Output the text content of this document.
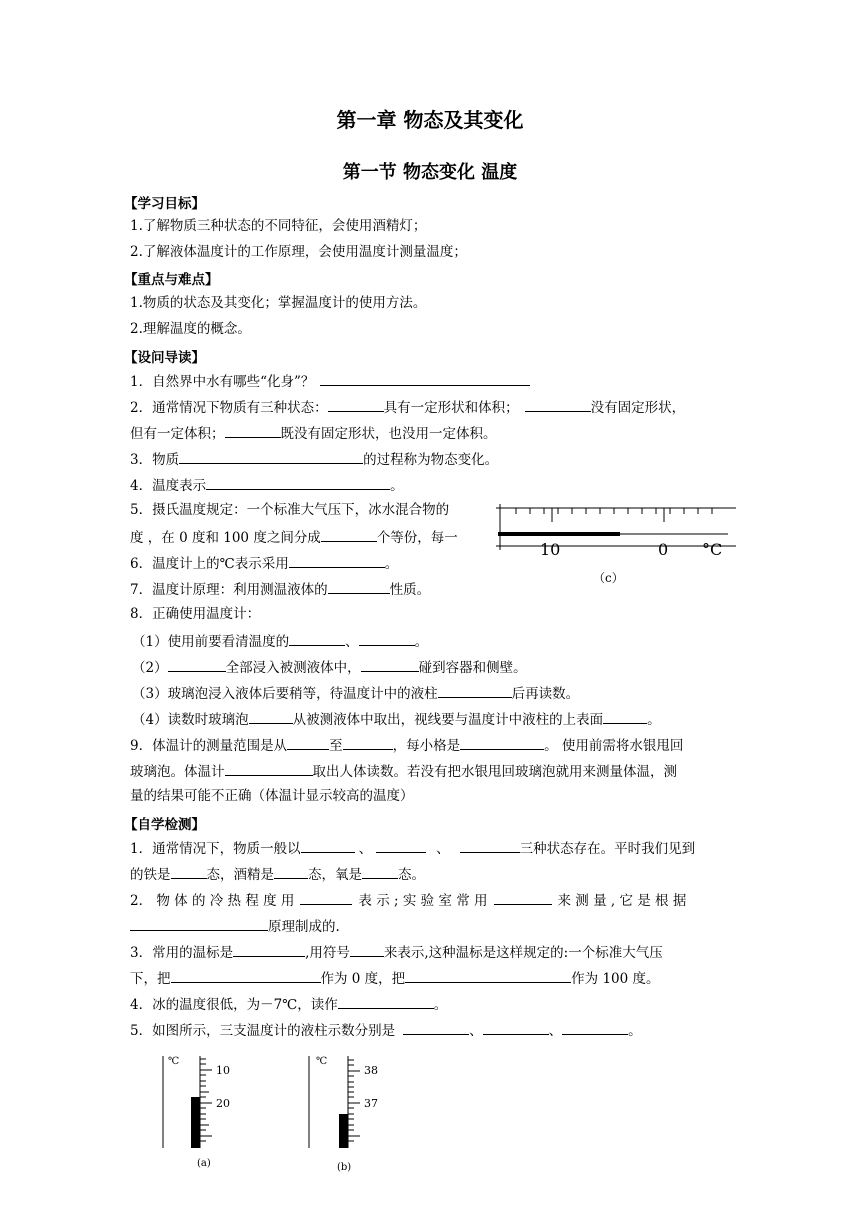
第一章 物态及其变化
第一节 物态变化 温度
【学习目标】
1.了解物质三种状态的不同特征，会使用酒精灯；
2.了解液体温度计的工作原理，会使用温度计测量温度；
【重点与难点】
1.物质的状态及其变化；掌握温度计的使用方法。
2.理解温度的概念。
【设问导读】
1．自然界中水有哪些“化身”？
2．通常情况下物质有三种状态：	具有一定形状和体积；	没有固定形状，
但有一定体积；	既没有固定形状，也没用一定体积。
3．物质	的过程称为物态变化。
4．温度表示	。
5．摄氏温度规定：一个标准大气压下，冰水混合物的
度 ，在 0 度和 100 度之间分成	个等份，每一
6．温度计上的℃表示采用	。
7．温度计原理：利用测温液体的	性质。
10	0 °C
（c）
8．正确使用温度计：
（1）使用前要看清温度的	、	。
（2）	全部浸入被测液体中，	碰到容器和侧壁。
（3）玻璃泡浸入液体后要稍等，待温度计中的液柱	后再读数。
（4）读数时玻璃泡	从被测液体中取出，视线要与温度计中液柱的上表面	。
9．体温计的测量范围是从	至	，每小格是	。 使用前需将水银甩回
玻璃泡。体温计	取出人体读数。若没有把水银甩回玻璃泡就用来测量体温，测
量的结果可能不正确（体温计显示较高的温度）
【自学检测】
1．通常情况下，物质一般以	、	、	三种状态存在。平时我们见到
的铁是	态，酒精是	态，氧是	态。
2． 物 体 的 冷 热 程 度 用	表 示 ; 实 验 室 常 用	来 测 量 , 它 是 根 据
原理制成的.
3．常用的温标是	,用符号	来表示,这种温标是这样规定的:一个标准大气压
下，把	作为 0 度，把	作为 100 度。
4．冰的温度很低，为－7℃，读作	。
5．如图所示，三支温度计的液柱示数分别是	、	、	。
℃
10
20
(a)
℃
38
37
(b)
